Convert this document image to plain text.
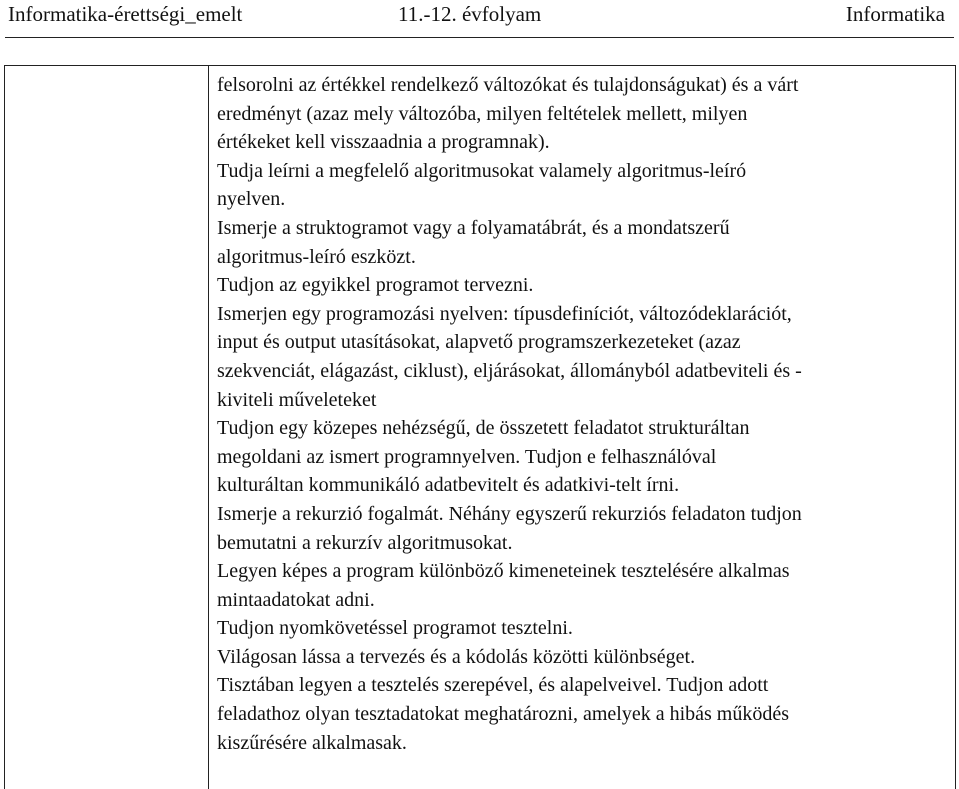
Informatika-érettségi_emelt	11.-12. évfolyam	Informatika
felsorolni az értékkel rendelkező változókat és tulajdonságukat) és a várt
eredményt (azaz mely változóba, milyen feltételek mellett, milyen
értékeket kell visszaadnia a programnak).
Tudja leírni a megfelelő algoritmusokat valamely algoritmus-leíró
nyelven.
Ismerje a struktogramot vagy a folyamatábrát, és a mondatszerű
algoritmus-leíró eszközt.
Tudjon az egyikkel programot tervezni.
Ismerjen egy programozási nyelven: típusdefiníciót, változódeklarációt,
input és output utasításokat, alapvető programszerkezeteket (azaz
szekvenciát, elágazást, ciklust), eljárásokat, állományból adatbeviteli és -
kiviteli műveleteket
Tudjon egy közepes nehézségű, de összetett feladatot strukturáltan
megoldani az ismert programnyelven. Tudjon e felhasználóval
kulturáltan kommunikáló adatbevitelt és adatkivi-telt írni.
Ismerje a rekurzió fogalmát. Néhány egyszerű rekurziós feladaton tudjon
bemutatni a rekurzív algoritmusokat.
Legyen képes a program különböző kimeneteinek tesztelésére alkalmas
mintaadatokat adni.
Tudjon nyomkövetéssel programot tesztelni.
Világosan lássa a tervezés és a kódolás közötti különbséget.
Tisztában legyen a tesztelés szerepével, és alapelveivel. Tudjon adott
feladathoz olyan tesztadatokat meghatározni, amelyek a hibás működés
kiszűrésére alkalmasak.
